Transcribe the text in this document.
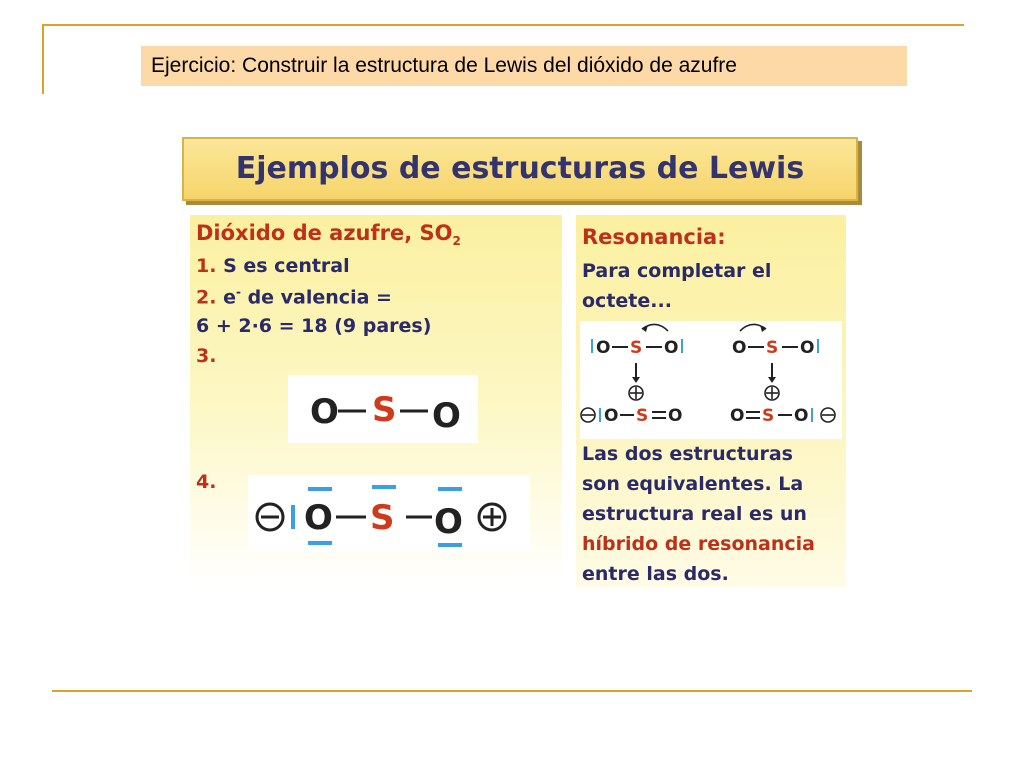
Ejercicio: Construir la estructura de Lewis del dióxido de azufre
Ejemplos de estructuras de Lewis
Dióxido de azufre, $SO_2$
1. S es central
2. e- de valencia =
6 + 2·6 = 18 (9 pares)
3.
O S O
4.
O S O
Resonancia:
Para completar el
octete...
O S O
O S O
O S O
O S O
Las dos estructuras
son equivalentes. La
estructura real es un
híbrido de resonancia
entre las dos.
